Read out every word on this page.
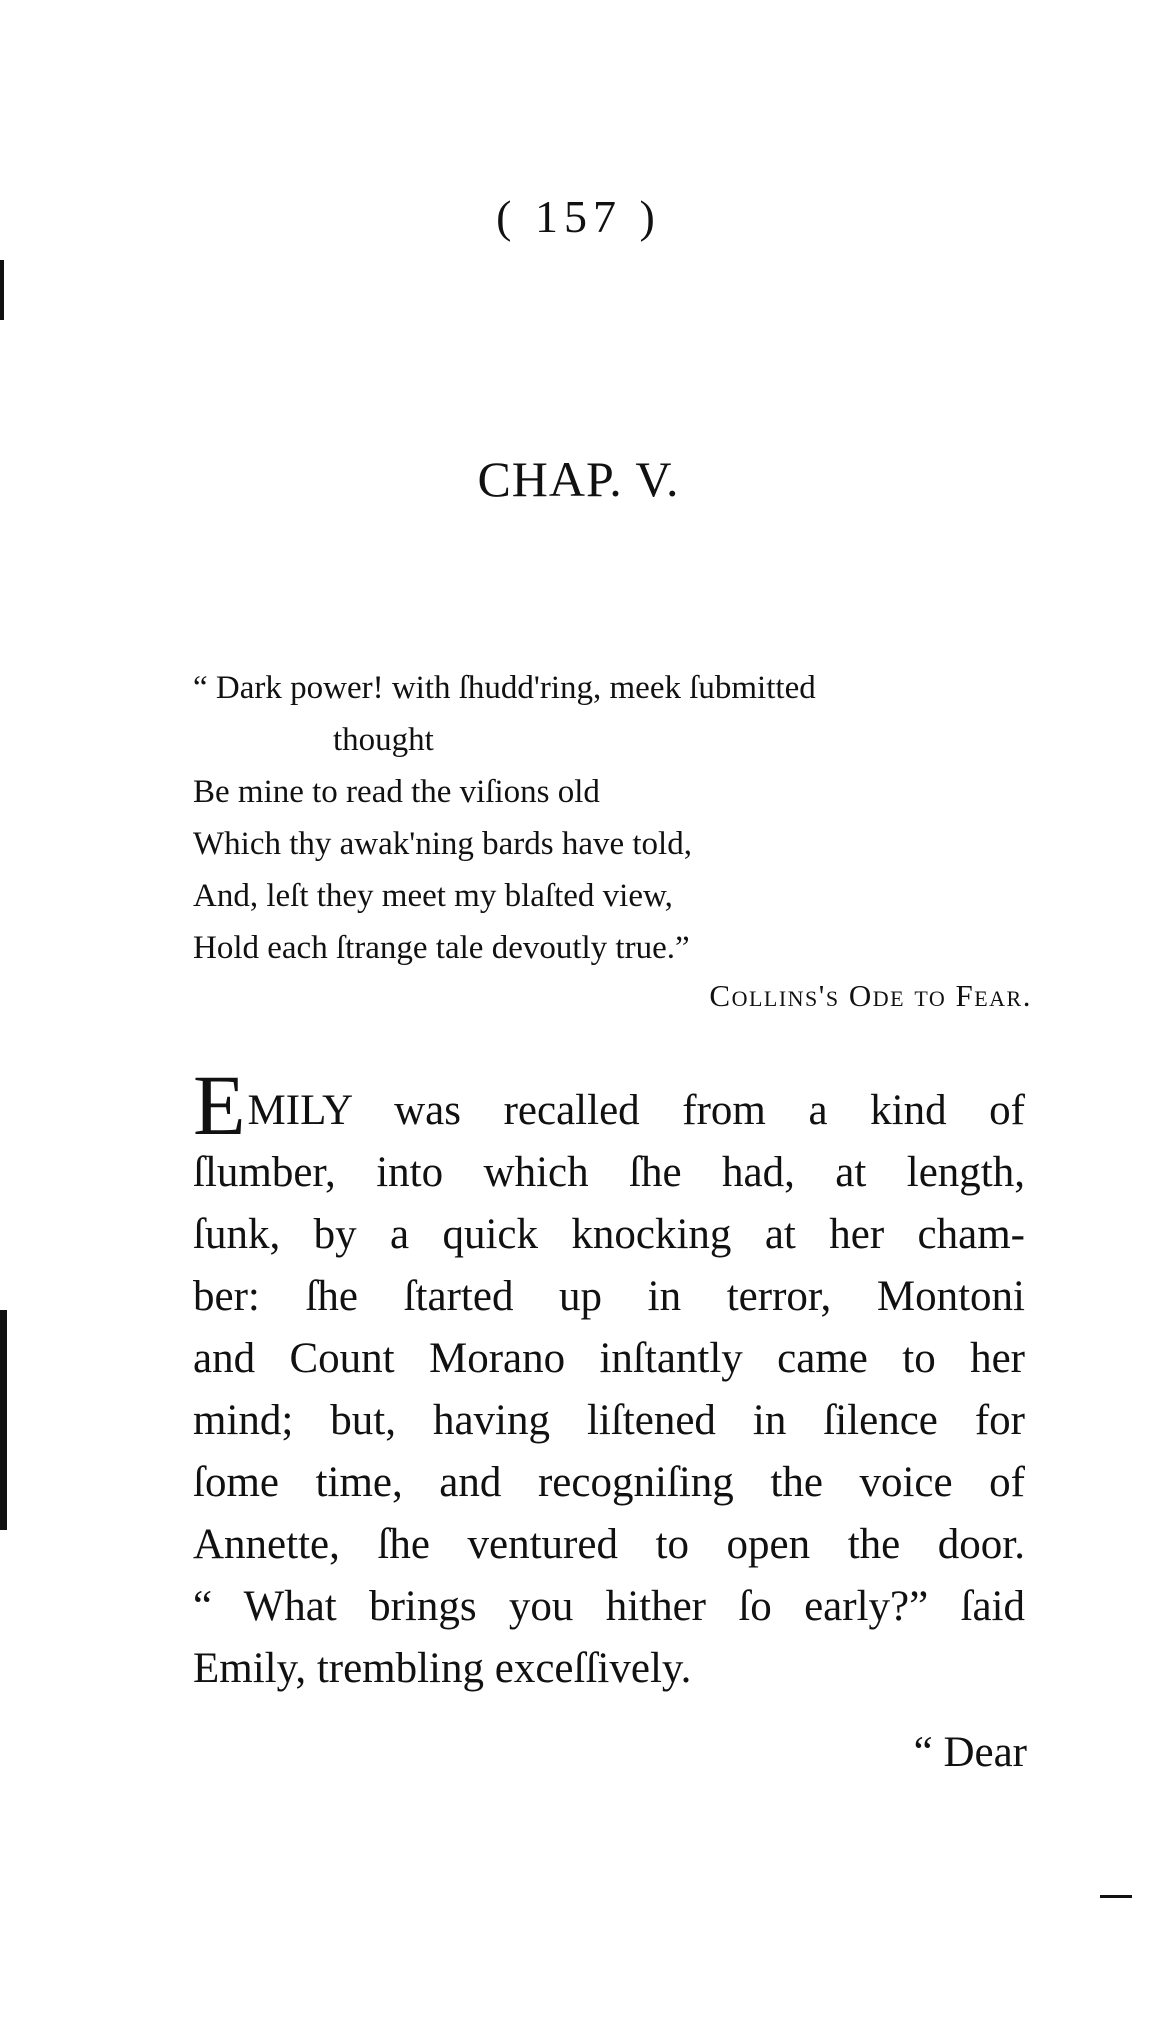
( 157 )
CHAP. V.
“ Dark power! with ſhudd'ring, meek ſubmitted
thought
Be mine to read the viſions old
Which thy awak'ning bards have told,
And, leſt they meet my blaſted view,
Hold each ſtrange tale devoutly true.”
Collins's Ode to Fear.
EMILY was recalled from a kind of
ſlumber, into which ſhe had, at length,
ſunk, by a quick knocking at her cham-
ber: ſhe ſtarted up in terror, Montoni
and Count Morano inſtantly came to her
mind; but, having liſtened in ſilence for
ſome time, and recogniſing the voice of
Annette, ſhe ventured to open the door.
“ What brings you hither ſo early?” ſaid
Emily, trembling exceſſively.
“ Dear
